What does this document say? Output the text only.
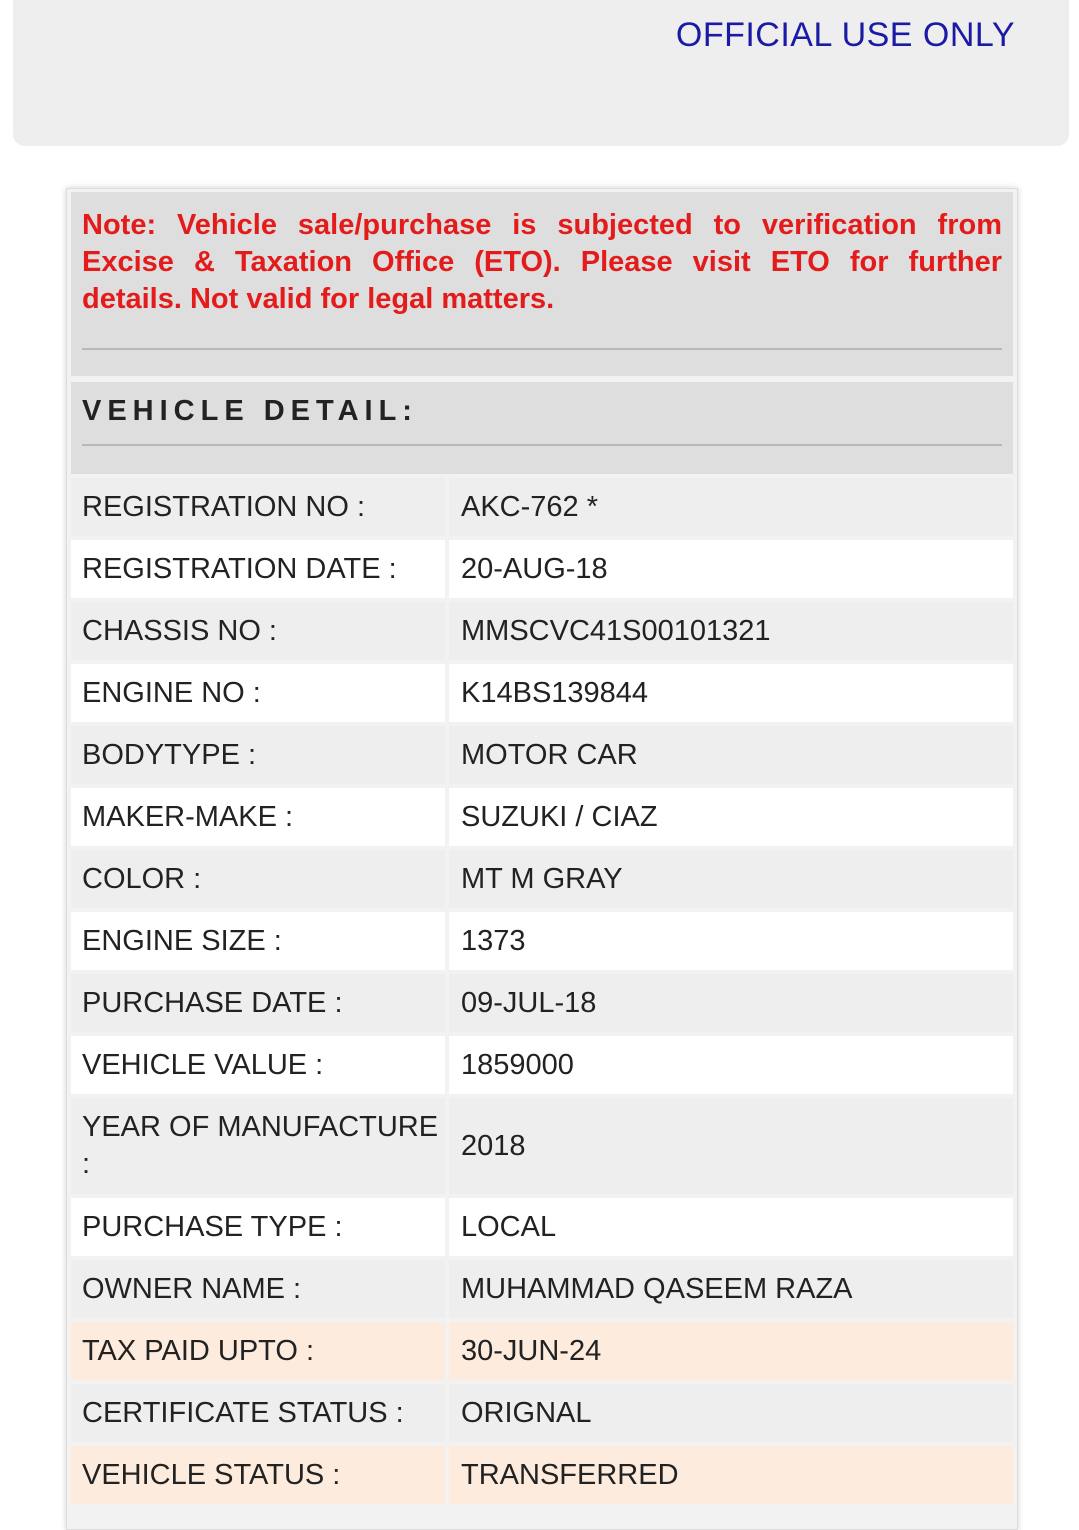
OFFICIAL USE ONLY
Note: Vehicle sale/purchase is subjected to verification from Excise & Taxation Office (ETO). Please visit ETO for further details. Not valid for legal matters.
VEHICLE DETAIL:
REGISTRATION NO :	AKC-762 *
REGISTRATION DATE :	20-AUG-18
CHASSIS NO :	MMSCVC41S00101321
ENGINE NO :	K14BS139844
BODYTYPE :	MOTOR CAR
MAKER-MAKE :	SUZUKI / CIAZ
COLOR :	MT M GRAY
ENGINE SIZE :	1373
PURCHASE DATE :	09-JUL-18
VEHICLE VALUE :	1859000
YEAR OF MANUFACTURE :
2018
PURCHASE TYPE :	LOCAL
OWNER NAME :	MUHAMMAD QASEEM RAZA
TAX PAID UPTO :	30-JUN-24
CERTIFICATE STATUS :	ORIGNAL
VEHICLE STATUS :	TRANSFERRED
